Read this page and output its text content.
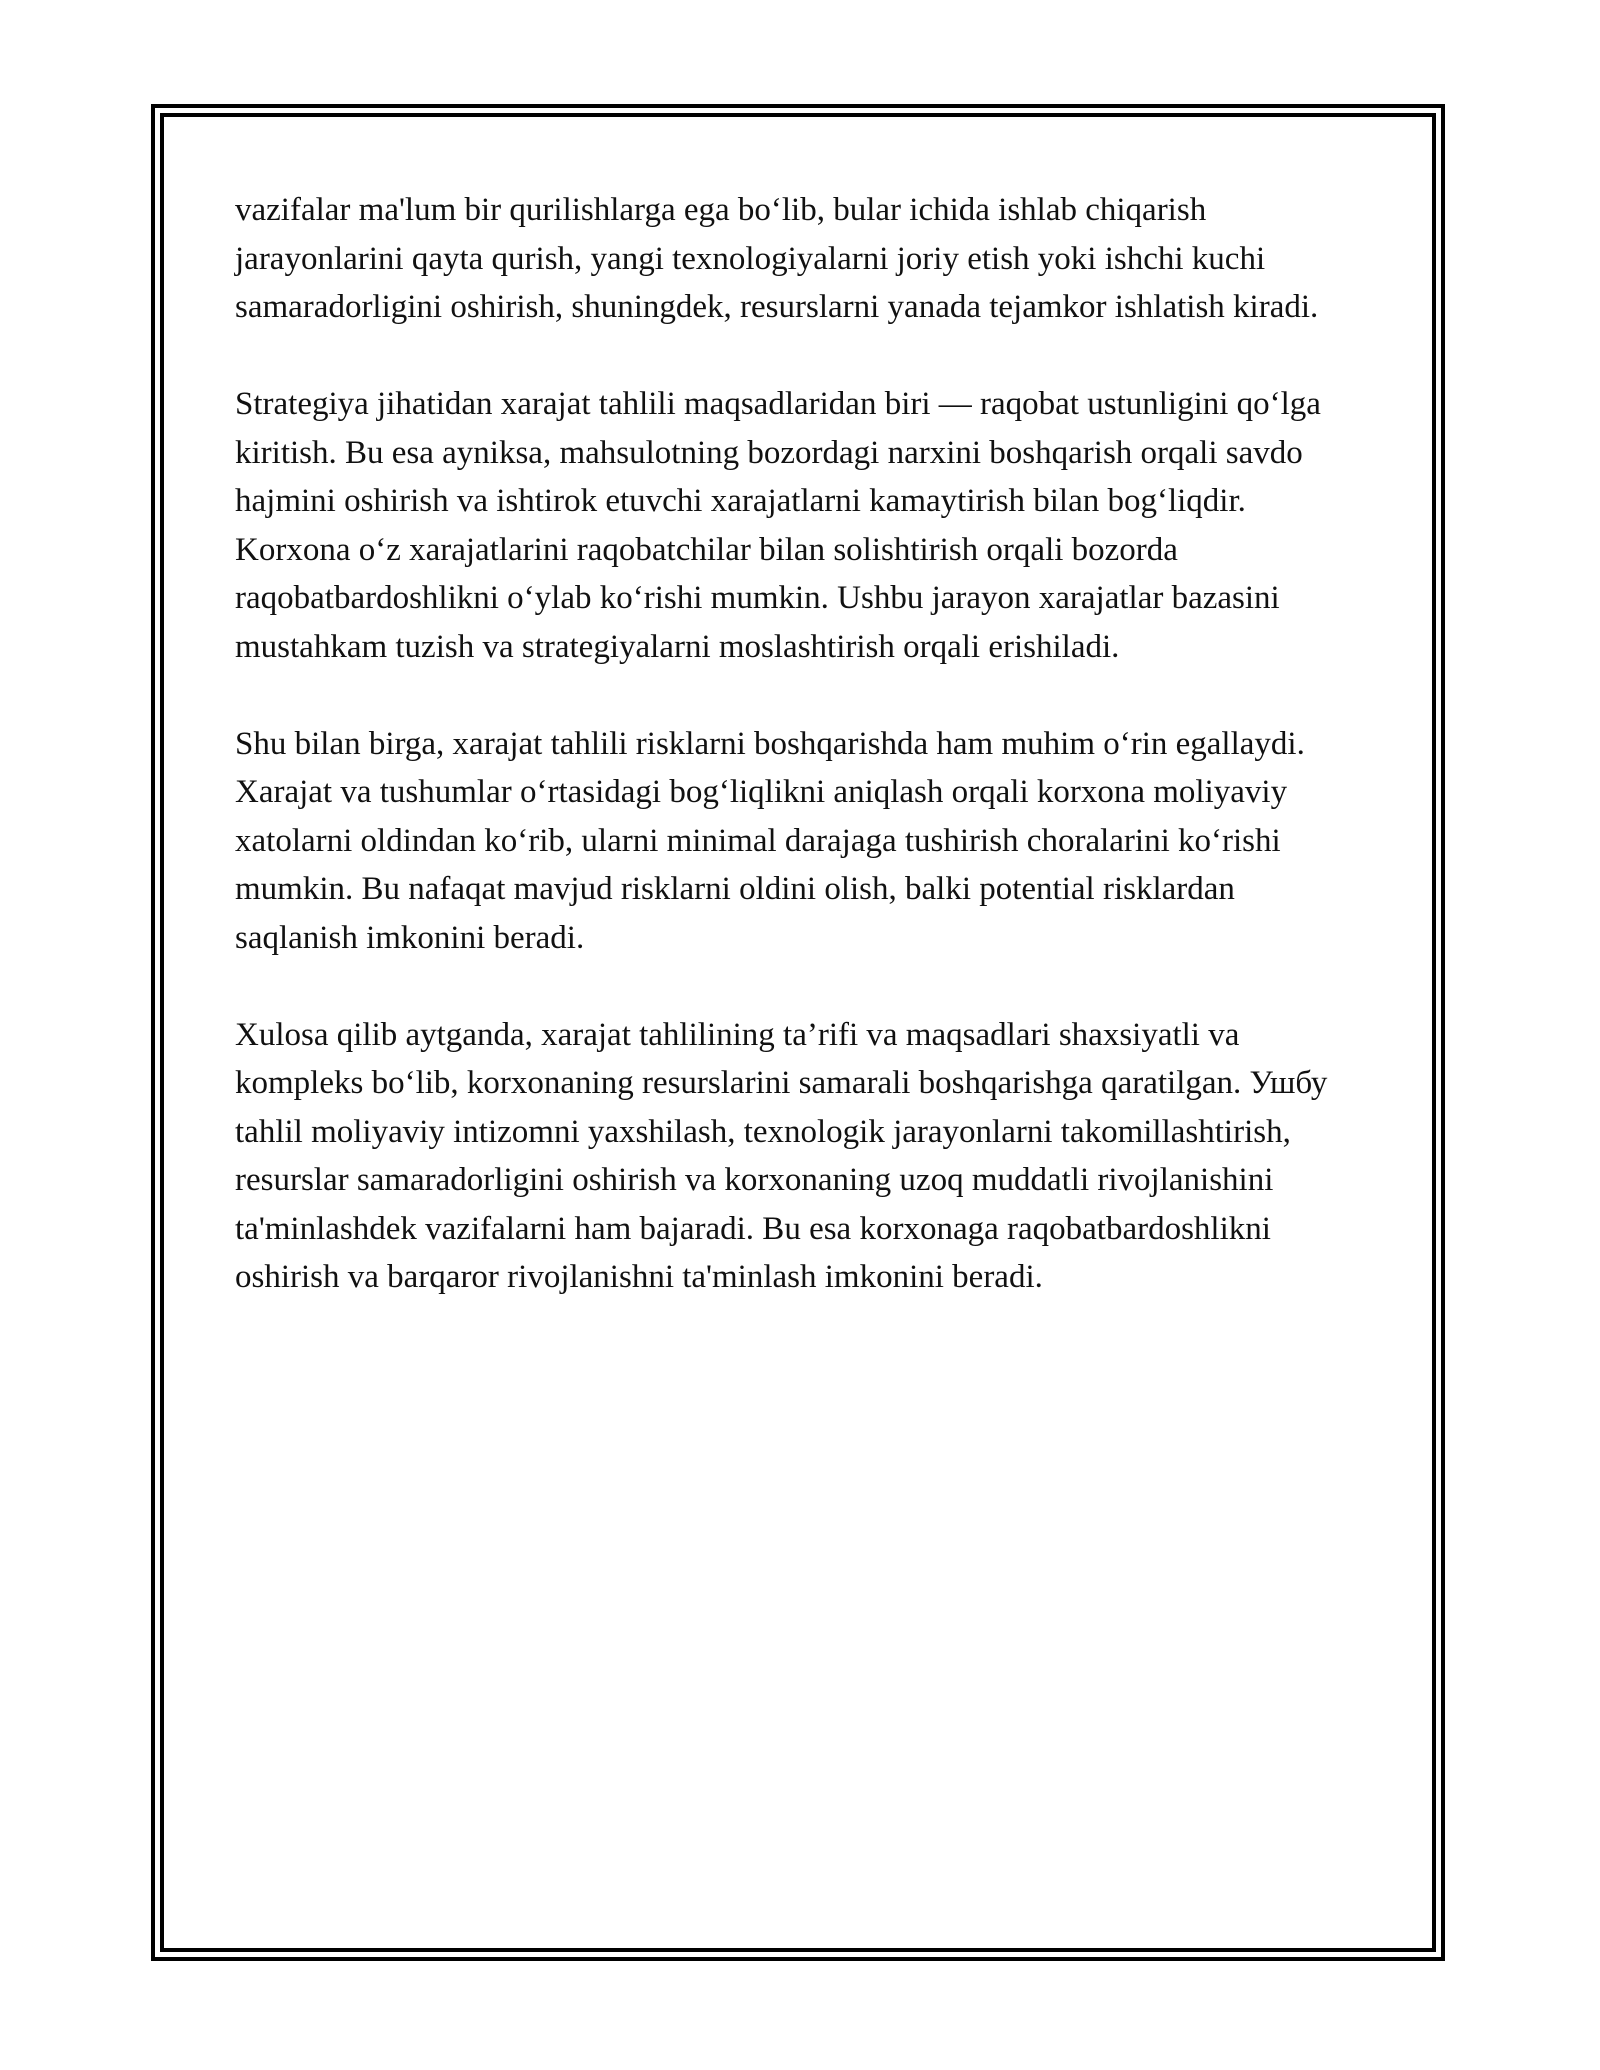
vazifalar ma'lum bir qurilishlarga ega bo‘lib, bular ichida ishlab chiqarish jarayonlarini qayta qurish, yangi texnologiyalarni joriy etish yoki ishchi kuchi samaradorligini oshirish, shuningdek, resurslarni yanada tejamkor ishlatish kiradi.

Strategiya jihatidan xarajat tahlili maqsadlaridan biri — raqobat ustunligini qo‘lga kiritish. Bu esa ayniksa, mahsulotning bozordagi narxini boshqarish orqali savdo hajmini oshirish va ishtirok etuvchi xarajatlarni kamaytirish bilan bog‘liqdir. Korxona o‘z xarajatlarini raqobatchilar bilan solishtirish orqali bozorda raqobatbardoshlikni o‘ylab ko‘rishi mumkin. Ushbu jarayon xarajatlar bazasini mustahkam tuzish va strategiyalarni moslashtirish orqali erishiladi.

Shu bilan birga, xarajat tahlili risklarni boshqarishda ham muhim o‘rin egallaydi. Xarajat va tushumlar o‘rtasidagi bog‘liqlikni aniqlash orqali korxona moliyaviy xatolarni oldindan ko‘rib, ularni minimal darajaga tushirish choralarini ko‘rishi mumkin. Bu nafaqat mavjud risklarni oldini olish, balki potential risklardan saqlanish imkonini beradi.

Xulosa qilib aytganda, xarajat tahlilining ta’rifi va maqsadlari shaxsiyatli va kompleks bo‘lib, korxonaning resurslarini samarali boshqarishga qaratilgan. Ушбу tahlil moliyaviy intizomni yaxshilash, texnologik jarayonlarni takomillashtirish, resurslar samaradorligini oshirish va korxonaning uzoq muddatli rivojlanishini ta'minlashdek vazifalarni ham bajaradi. Bu esa korxonaga raqobatbardoshlikni oshirish va barqaror rivojlanishni ta'minlash imkonini beradi.
